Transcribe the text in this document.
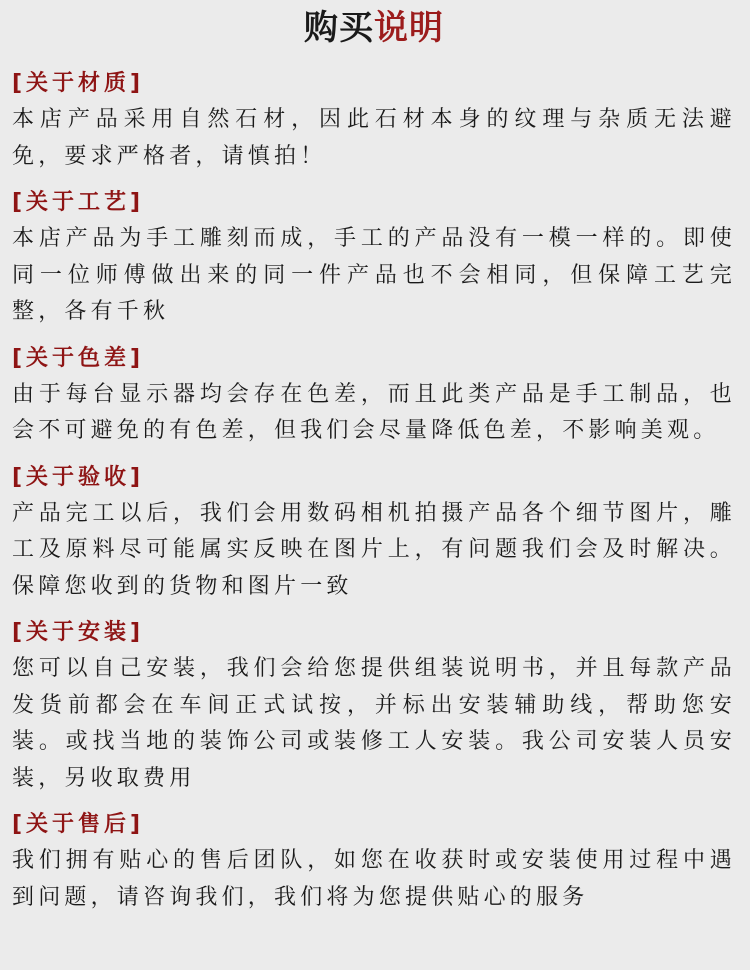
购买说明
[关于材质]
本店产品采用自然石材，因此石材本身的纹理与杂质无法避免，要求严格者，请慎拍！
[关于工艺]
本店产品为手工雕刻而成，手工的产品没有一模一样的。即使同一位师傅做出来的同一件产品也不会相同，但保障工艺完整，各有千秋
[关于色差]
由于每台显示器均会存在色差，而且此类产品是手工制品，也会不可避免的有色差，但我们会尽量降低色差，不影响美观。
[关于验收]
产品完工以后，我们会用数码相机拍摄产品各个细节图片，雕工及原料尽可能属实反映在图片上，有问题我们会及时解决。保障您收到的货物和图片一致
[关于安装]
您可以自己安装，我们会给您提供组装说明书，并且每款产品发货前都会在车间正式试按，并标出安装辅助线，帮助您安装。或找当地的装饰公司或装修工人安装。我公司安装人员安装，另收取费用
[关于售后]
我们拥有贴心的售后团队，如您在收获时或安装使用过程中遇到问题，请咨询我们，我们将为您提供贴心的服务
